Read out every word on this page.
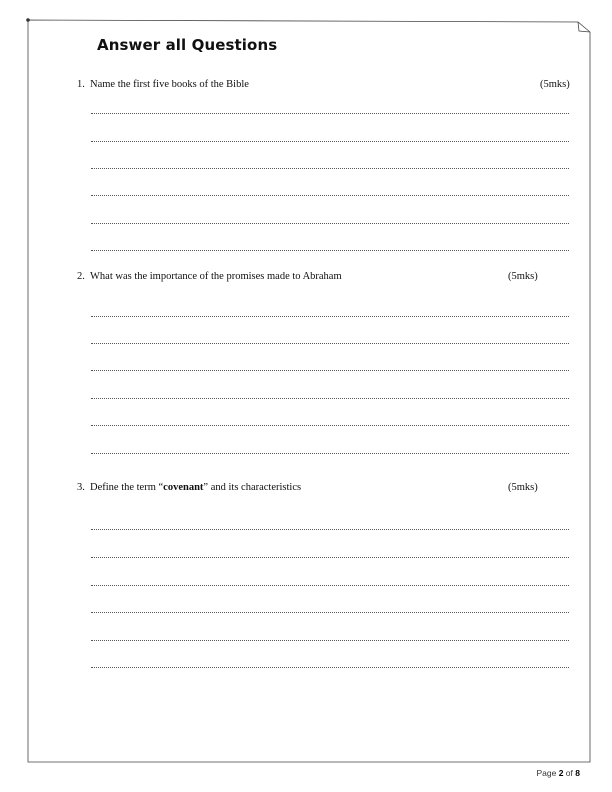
Answer all Questions
1. Name the first five books of the Bible	(5mks)
2. What was the importance of the promises made to Abraham	(5mks)
3. Define the term “covenant” and its characteristics	(5mks)
Page 2 of 8
